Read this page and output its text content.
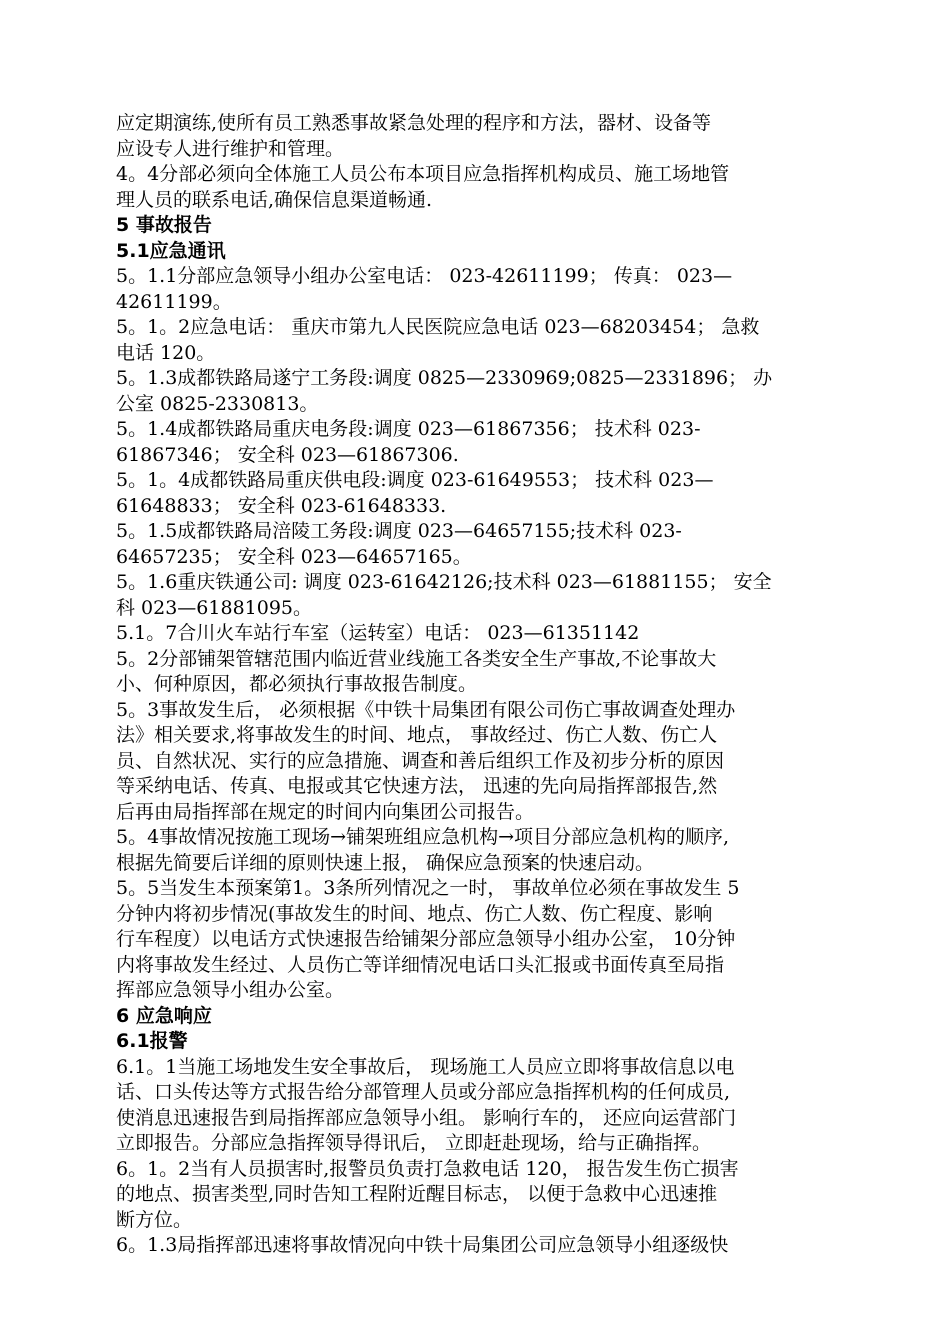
应定期演练,使所有员工熟悉事故紧急处理的程序和方法，器材、设备等

应设专人进行维护和管理。

4。4分部必须向全体施工人员公布本项目应急指挥机构成员、施工场地管

理人员的联系电话,确保信息渠道畅通.

5 事故报告

5.1应急通讯

5。1.1分部应急领导小组办公室电话： 023-42611199； 传真： 023—

42611199。

5。1。2应急电话： 重庆市第九人民医院应急电话 023—68203454； 急救

电话 120。

5。1.3成都铁路局遂宁工务段:调度 0825—2330969;0825—2331896； 办

公室 0825-2330813。

5。1.4成都铁路局重庆电务段:调度 023—61867356； 技术科 023-

61867346； 安全科 023—61867306.

5。1。4成都铁路局重庆供电段:调度 023-61649553； 技术科 023—

61648833； 安全科 023-61648333.

5。1.5成都铁路局涪陵工务段:调度 023—64657155;技术科 023-

64657235； 安全科 023—64657165。

5。1.6重庆铁通公司: 调度 023-61642126;技术科 023—61881155； 安全

科 023—61881095。

5.1。7合川火车站行车室（运转室）电话： 023—61351142

5。2分部铺架管辖范围内临近营业线施工各类安全生产事故,不论事故大

小、何种原因，都必须执行事故报告制度。

5。3事故发生后， 必须根据《中铁十局集团有限公司伤亡事故调查处理办

法》相关要求,将事故发生的时间、地点， 事故经过、伤亡人数、伤亡人

员、自然状况、实行的应急措施、调查和善后组织工作及初步分析的原因

等采纳电话、传真、电报或其它快速方法， 迅速的先向局指挥部报告,然

后再由局指挥部在规定的时间内向集团公司报告。

5。4事故情况按施工现场→铺架班组应急机构→项目分部应急机构的顺序,

根据先简要后详细的原则快速上报， 确保应急预案的快速启动。

5。5当发生本预案第1。3条所列情况之一时， 事故单位必须在事故发生 5

分钟内将初步情况(事故发生的时间、地点、伤亡人数、伤亡程度、影响

行车程度）以电话方式快速报告给铺架分部应急领导小组办公室， 10分钟

内将事故发生经过、人员伤亡等详细情况电话口头汇报或书面传真至局指

挥部应急领导小组办公室。

6 应急响应

6.1报警

6.1。1当施工场地发生安全事故后， 现场施工人员应立即将事故信息以电

话、口头传达等方式报告给分部管理人员或分部应急指挥机构的任何成员,

使消息迅速报告到局指挥部应急领导小组。 影响行车的， 还应向运营部门

立即报告。分部应急指挥领导得讯后， 立即赶赴现场，给与正确指挥。

6。1。2当有人员损害时,报警员负责打急救电话 120， 报告发生伤亡损害

的地点、损害类型,同时告知工程附近醒目标志， 以便于急救中心迅速推

断方位。

6。1.3局指挥部迅速将事故情况向中铁十局集团公司应急领导小组逐级快
